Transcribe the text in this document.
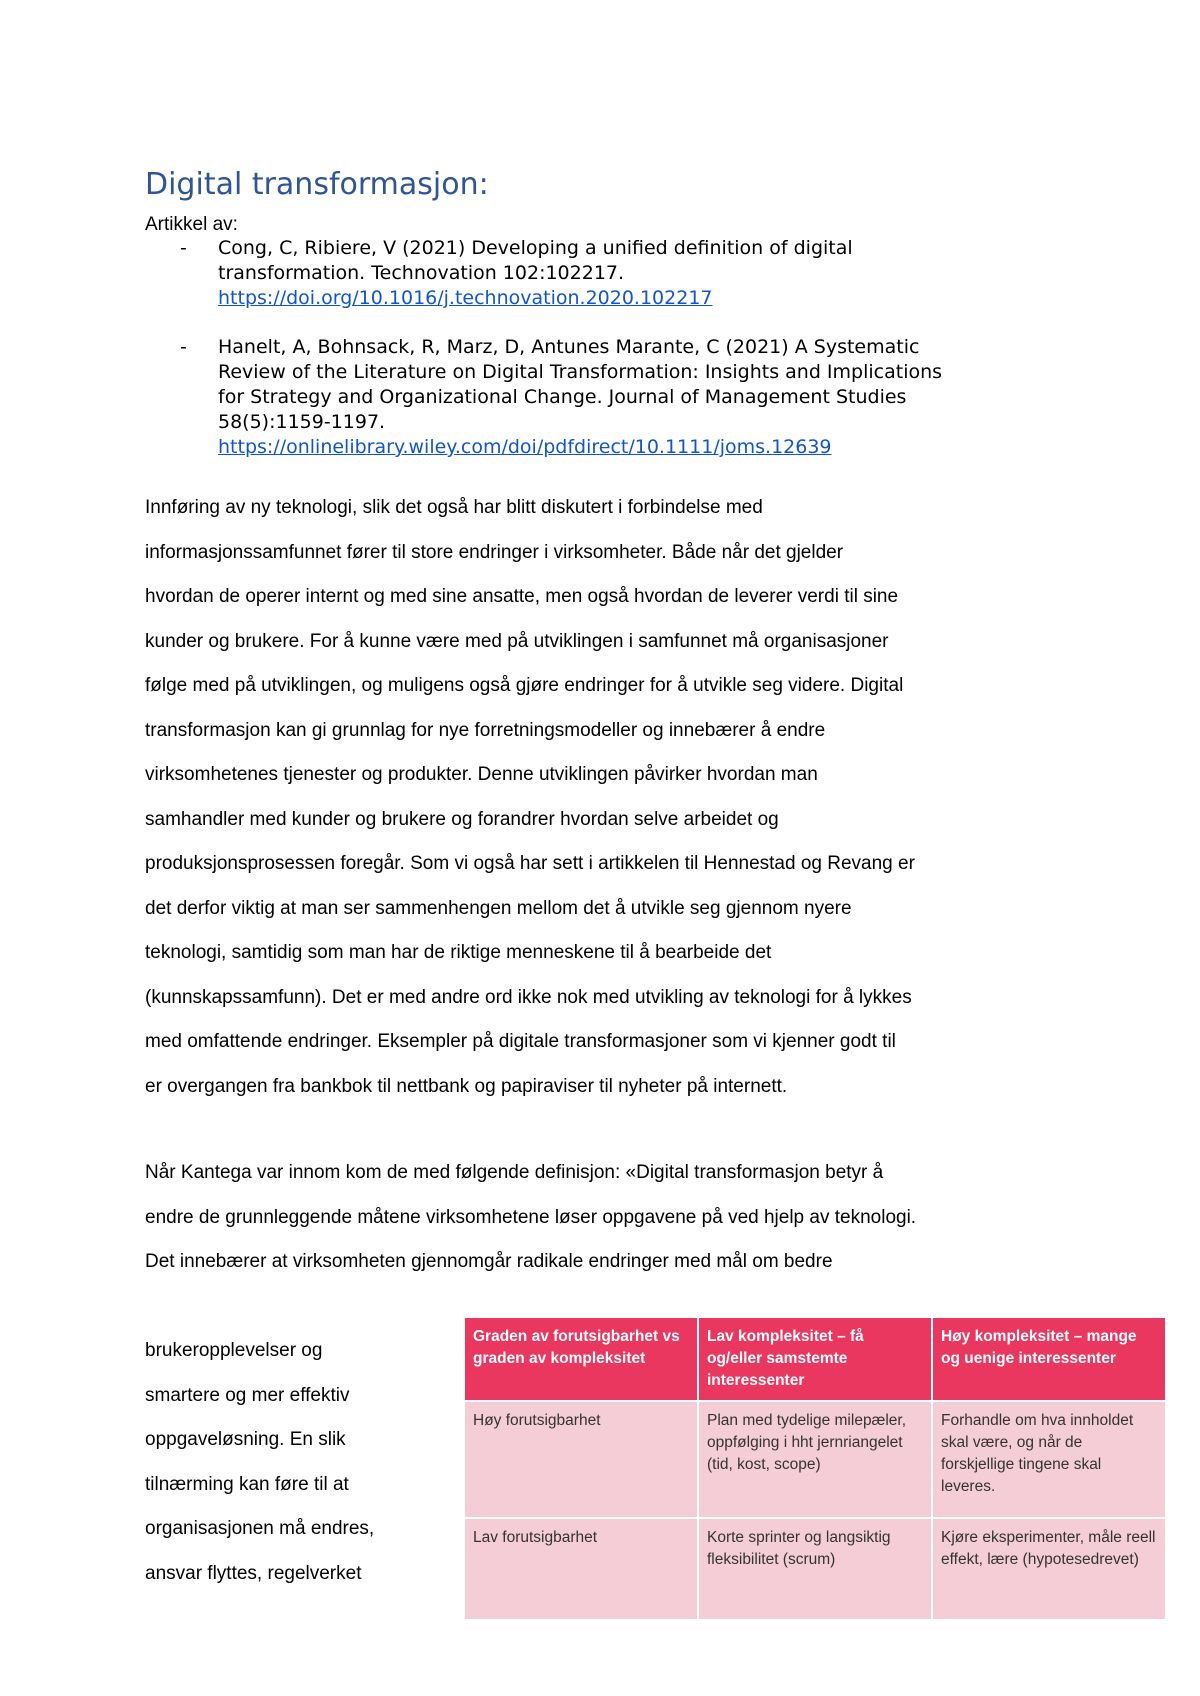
Digital transformasjon:
Artikkel av:
- Cong, C, Ribiere, V (2021) Developing a unified definition of digital
transformation. Technovation 102:102217.
https://doi.org/10.1016/j.technovation.2020.102217
- Hanelt, A, Bohnsack, R, Marz, D, Antunes Marante, C (2021) A Systematic
Review of the Literature on Digital Transformation: Insights and Implications
for Strategy and Organizational Change. Journal of Management Studies
58(5):1159-1197.
https://onlinelibrary.wiley.com/doi/pdfdirect/10.1111/joms.12639

Innføring av ny teknologi, slik det også har blitt diskutert i forbindelse med
informasjonssamfunnet fører til store endringer i virksomheter. Både når det gjelder
hvordan de operer internt og med sine ansatte, men også hvordan de leverer verdi til sine
kunder og brukere. For å kunne være med på utviklingen i samfunnet må organisasjoner
følge med på utviklingen, og muligens også gjøre endringer for å utvikle seg videre. Digital
transformasjon kan gi grunnlag for nye forretningsmodeller og innebærer å endre
virksomhetenes tjenester og produkter. Denne utviklingen påvirker hvordan man
samhandler med kunder og brukere og forandrer hvordan selve arbeidet og
produksjonsprosessen foregår. Som vi også har sett i artikkelen til Hennestad og Revang er
det derfor viktig at man ser sammenhengen mellom det å utvikle seg gjennom nyere
teknologi, samtidig som man har de riktige menneskene til å bearbeide det
(kunnskapssamfunn). Det er med andre ord ikke nok med utvikling av teknologi for å lykkes
med omfattende endringer. Eksempler på digitale transformasjoner som vi kjenner godt til
er overgangen fra bankbok til nettbank og papiraviser til nyheter på internett.

Når Kantega var innom kom de med følgende definisjon: «Digital transformasjon betyr å
endre de grunnleggende måtene virksomhetene løser oppgavene på ved hjelp av teknologi.
Det innebærer at virksomheten gjennomgår radikale endringer med mål om bedre
brukeropplevelser og
smartere og mer effektiv
oppgaveløsning. En slik
tilnærming kan føre til at
organisasjonen må endres,
ansvar flyttes, regelverket

Graden av forutsigbarhet vs graden av kompleksitet	Lav kompleksitet – få og/eller samstemte interessenter	Høy kompleksitet – mange og uenige interessenter
Høy forutsigbarhet	Plan med tydelige milepæler, oppfølging i hht jernriangelet (tid, kost, scope)	Forhandle om hva innholdet skal være, og når de forskjellige tingene skal leveres.
Lav forutsigbarhet	Korte sprinter og langsiktig fleksibilitet (scrum)	Kjøre eksperimenter, måle reell effekt, lære (hypotesedrevet)
